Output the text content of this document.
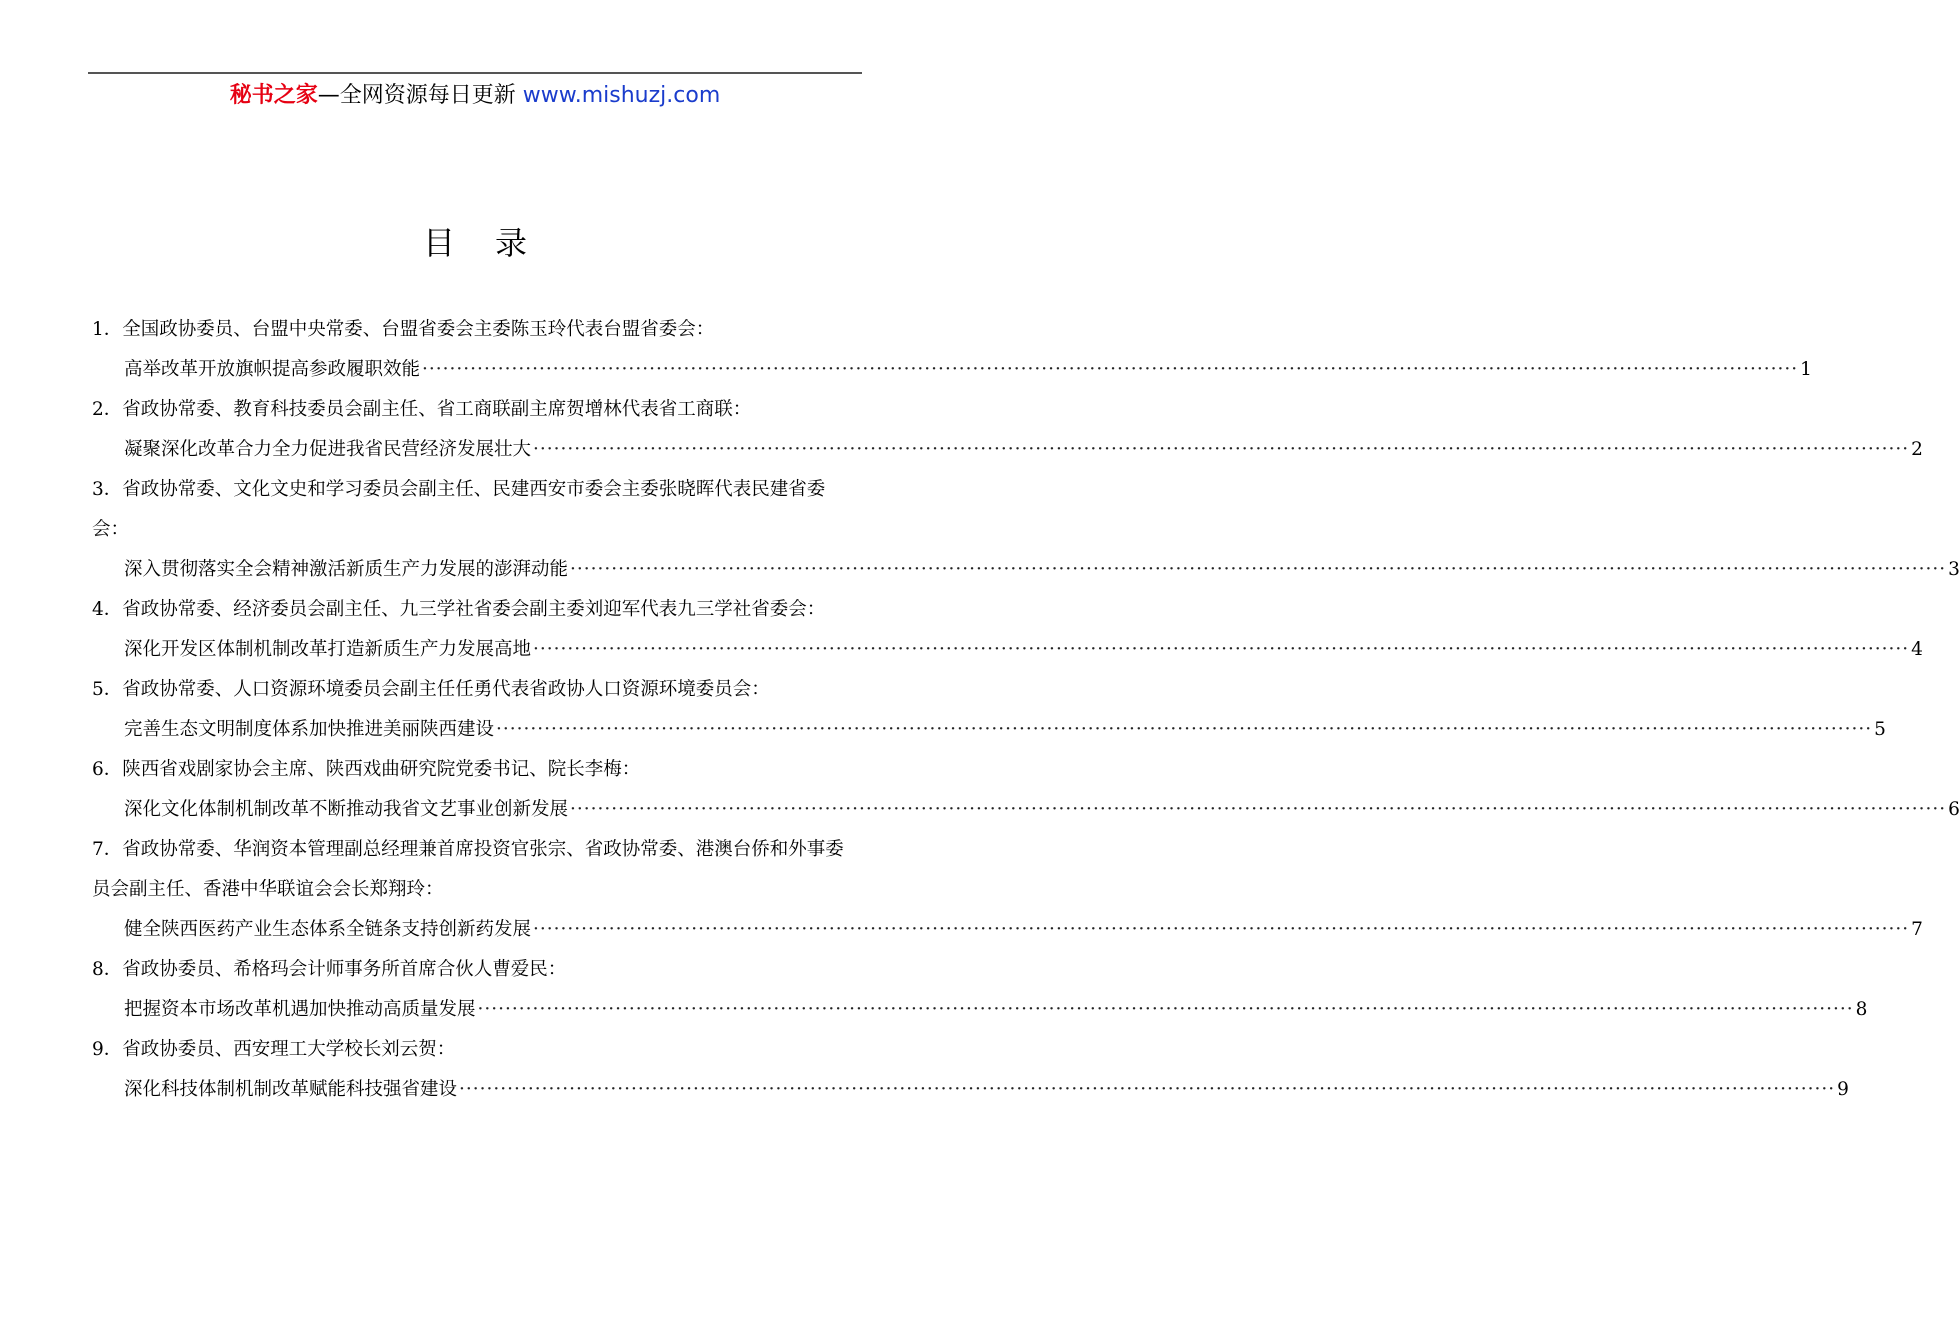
秘书之家—全网资源每日更新 www.mishuzj.com
目录

1．全国政协委员、台盟中央常委、台盟省委会主委陈玉玲代表台盟省委会：

高举改革开放旗帜提高参政履职效能 ········································································································································································································ 1

2．省政协常委、教育科技委员会副主任、省工商联副主席贺增林代表省工商联：

凝聚深化改革合力全力促进我省民营经济发展壮大 ········································································································································································································ 2

3．省政协常委、文化文史和学习委员会副主任、民建西安市委会主委张晓晖代表民建省委会：

深入贯彻落实全会精神激活新质生产力发展的澎湃动能 ········································································································································································································ 3

4．省政协常委、经济委员会副主任、九三学社省委会副主委刘迎军代表九三学社省委会：

深化开发区体制机制改革打造新质生产力发展高地 ········································································································································································································ 4

5．省政协常委、人口资源环境委员会副主任任勇代表省政协人口资源环境委员会：

完善生态文明制度体系加快推进美丽陕西建设 ········································································································································································································ 5

6．陕西省戏剧家协会主席、陕西戏曲研究院党委书记、院长李梅：

深化文化体制机制改革不断推动我省文艺事业创新发展 ········································································································································································································ 6

7．省政协常委、华润资本管理副总经理兼首席投资官张宗、省政协常委、港澳台侨和外事委员会副主任、香港中华联谊会会长郑翔玲：

健全陕西医药产业生态体系全链条支持创新药发展 ········································································································································································································ 7

8．省政协委员、希格玛会计师事务所首席合伙人曹爱民：

把握资本市场改革机遇加快推动高质量发展 ········································································································································································································ 8

9．省政协委员、西安理工大学校长刘云贺：

深化科技体制机制改革赋能科技强省建设 ········································································································································································································ 9
